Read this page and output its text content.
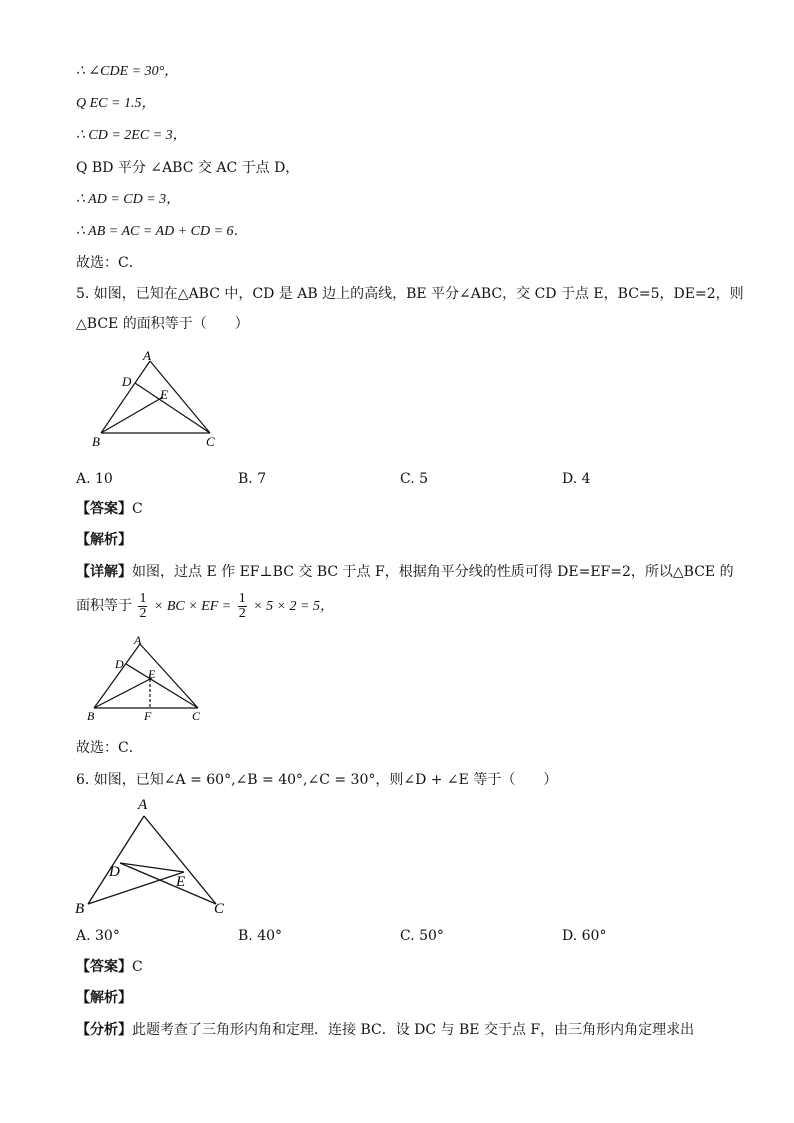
∴ ∠CDE = 30°，
Q EC = 1.5，
∴ CD = 2EC = 3，
Q BD 平分 ∠ABC 交 AC 于点 D，
∴ AD = CD = 3，
∴ AB = AC = AD + CD = 6．
故选：C．
5. 如图，已知在△ABC 中，CD 是 AB 边上的高线，BE 平分∠ABC，交 CD 于点 E，BC=5，DE=2，则
△BCE 的面积等于（　　）
A
D
E
B	C
A. 10	B. 7	C. 5	D. 4
【答案】C
【解析】
【详解】如图，过点 E 作 EF⊥BC 交 BC 于点 F，根据角平分线的性质可得 DE=EF=2，所以△BCE 的
面积等于 $\frac{1}{2}$ × BC × EF = $\frac{1}{2} \times 5 \times 2 = 5$，
A
D
E
B	F	C
故选：C．
6. 如图，已知∠A = 60°,∠B = 40°,∠C = 30°，则∠D + ∠E 等于（　　）
A
D
E
B	C
A. 30°	B. 40°	C. 50°	D. 60°
【答案】C
【解析】
【分析】此题考查了三角形内角和定理．连接 BC．设 DC 与 BE 交于点 F，由三角形内角定理求出
